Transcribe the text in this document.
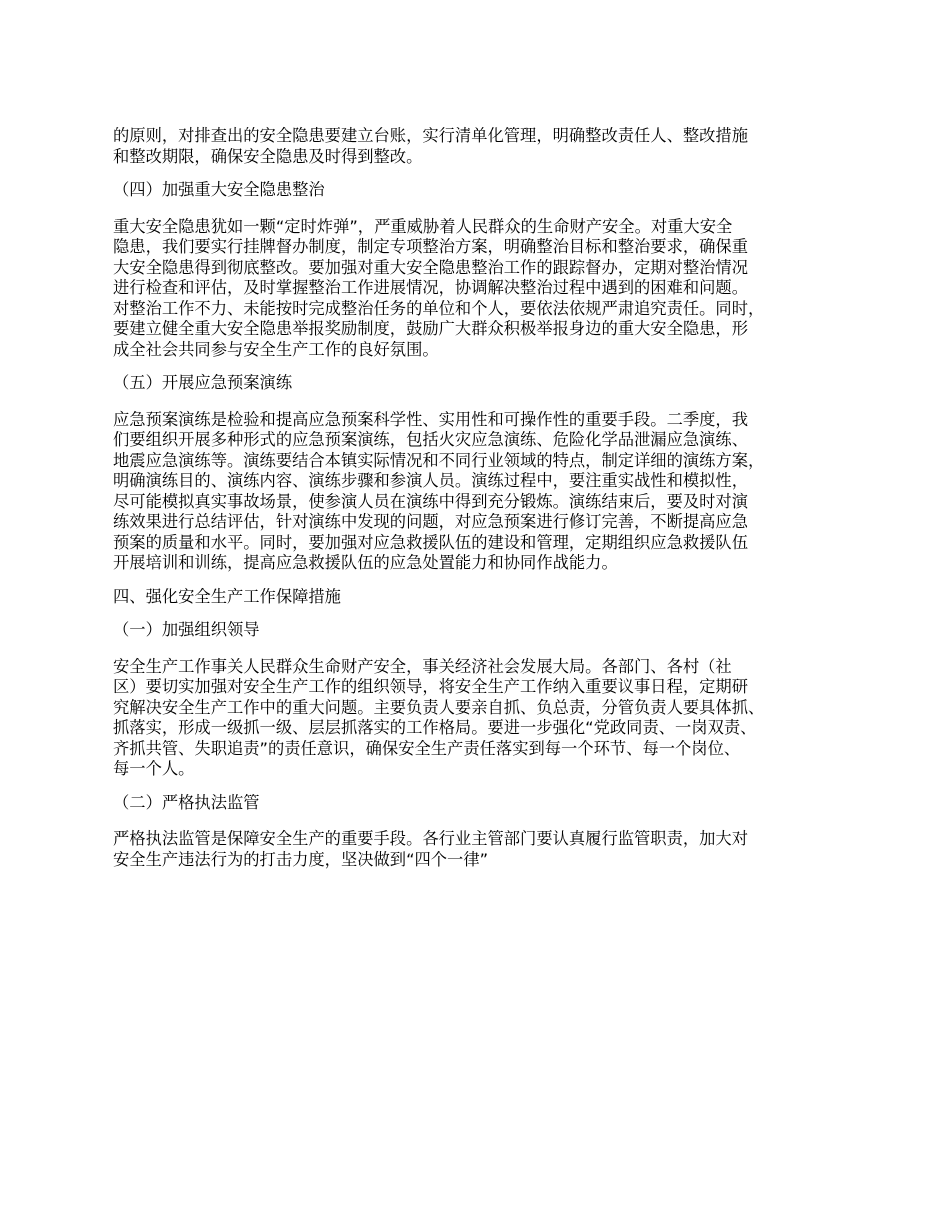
的原则，对排查出的安全隐患要建立台账，实行清单化管理，明确整改责任人、整改措施
和整改期限，确保安全隐患及时得到整改。

（四）加强重大安全隐患整治

重大安全隐患犹如一颗“定时炸弹”，严重威胁着人民群众的生命财产安全。对重大安全
隐患，我们要实行挂牌督办制度，制定专项整治方案，明确整治目标和整治要求，确保重
大安全隐患得到彻底整改。要加强对重大安全隐患整治工作的跟踪督办，定期对整治情况
进行检查和评估，及时掌握整治工作进展情况，协调解决整治过程中遇到的困难和问题。
对整治工作不力、未能按时完成整治任务的单位和个人，要依法依规严肃追究责任。同时，
要建立健全重大安全隐患举报奖励制度，鼓励广大群众积极举报身边的重大安全隐患，形
成全社会共同参与安全生产工作的良好氛围。

（五）开展应急预案演练

应急预案演练是检验和提高应急预案科学性、实用性和可操作性的重要手段。二季度，我
们要组织开展多种形式的应急预案演练，包括火灾应急演练、危险化学品泄漏应急演练、
地震应急演练等。演练要结合本镇实际情况和不同行业领域的特点，制定详细的演练方案，
明确演练目的、演练内容、演练步骤和参演人员。演练过程中，要注重实战性和模拟性，
尽可能模拟真实事故场景，使参演人员在演练中得到充分锻炼。演练结束后，要及时对演
练效果进行总结评估，针对演练中发现的问题，对应急预案进行修订完善，不断提高应急
预案的质量和水平。同时，要加强对应急救援队伍的建设和管理，定期组织应急救援队伍
开展培训和训练，提高应急救援队伍的应急处置能力和协同作战能力。

四、强化安全生产工作保障措施

（一）加强组织领导

安全生产工作事关人民群众生命财产安全，事关经济社会发展大局。各部门、各村（社
区）要切实加强对安全生产工作的组织领导，将安全生产工作纳入重要议事日程，定期研
究解决安全生产工作中的重大问题。主要负责人要亲自抓、负总责，分管负责人要具体抓、
抓落实，形成一级抓一级、层层抓落实的工作格局。要进一步强化“党政同责、一岗双责、
齐抓共管、失职追责”的责任意识，确保安全生产责任落实到每一个环节、每一个岗位、
每一个人。

（二）严格执法监管

严格执法监管是保障安全生产的重要手段。各行业主管部门要认真履行监管职责，加大对
安全生产违法行为的打击力度，坚决做到“四个一律”
